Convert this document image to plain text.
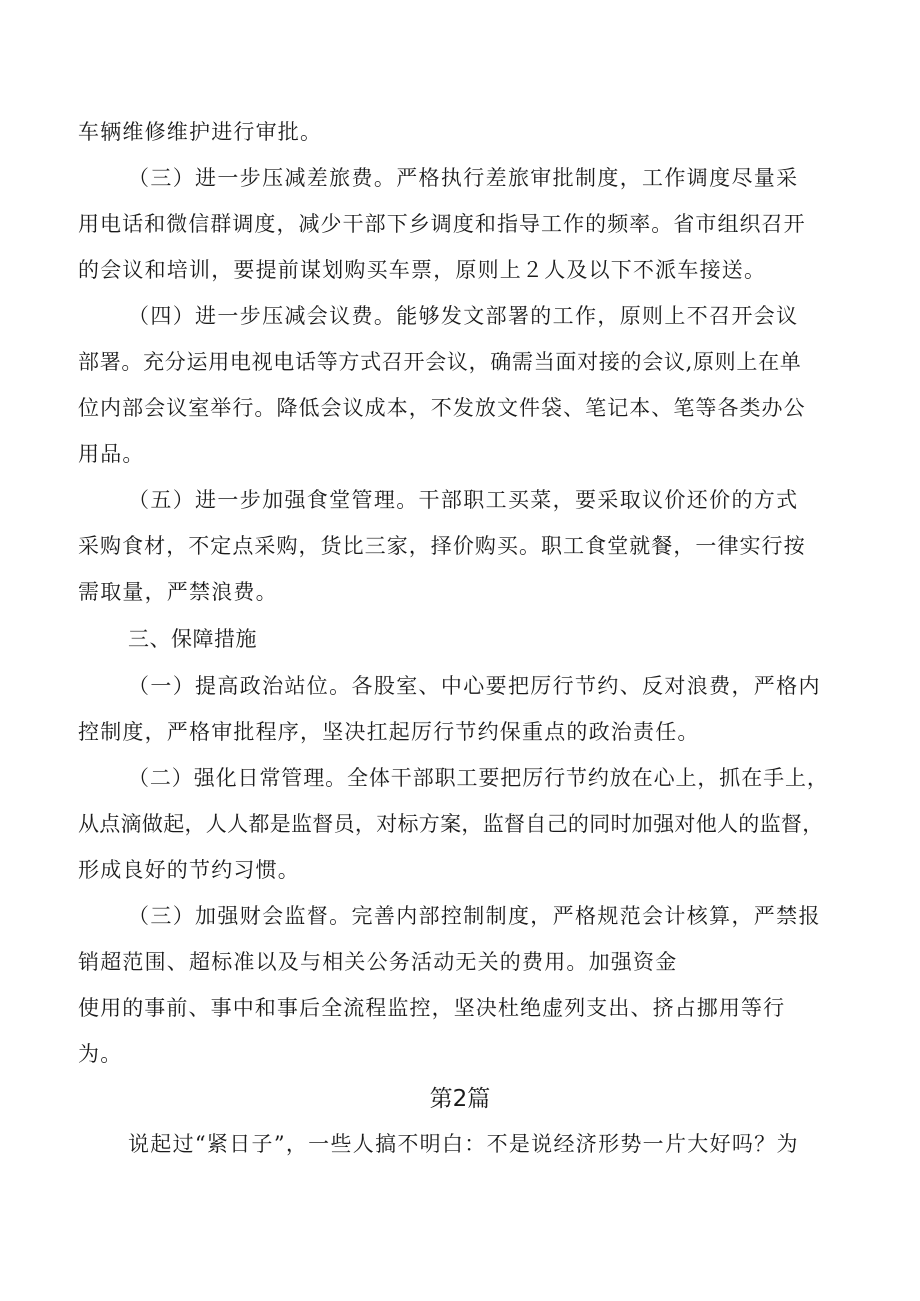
车辆维修维护进行审批。
（三）进一步压减差旅费。严格执行差旅审批制度，工作调度尽量采
用电话和微信群调度，减少干部下乡调度和指导工作的频率。省市组织召开
的会议和培训，要提前谋划购买车票，原则上２人及以下不派车接送。
（四）进一步压减会议费。能够发文部署的工作，原则上不召开会议
部署。充分运用电视电话等方式召开会议，确需当面对接的会议,原则上在单
位内部会议室举行。降低会议成本，不发放文件袋、笔记本、笔等各类办公
用品。
（五）进一步加强食堂管理。干部职工买菜，要采取议价还价的方式
采购食材，不定点采购，货比三家，择价购买。职工食堂就餐，一律实行按
需取量，严禁浪费。
三、保障措施
（一）提高政治站位。各股室、中心要把厉行节约、反对浪费，严格内
控制度，严格审批程序，坚决扛起厉行节约保重点的政治责任。
（二）强化日常管理。全体干部职工要把厉行节约放在心上，抓在手上，
从点滴做起，人人都是监督员，对标方案，监督自己的同时加强对他人的监督，
形成良好的节约习惯。
（三）加强财会监督。完善内部控制制度，严格规范会计核算，严禁报
销超范围、超标准以及与相关公务活动无关的费用。加强资金
使用的事前、事中和事后全流程监控，坚决杜绝虚列支出、挤占挪用等行
为。
第2篇
说起过“紧日子”，一些人搞不明白：不是说经济形势一片大好吗？为
